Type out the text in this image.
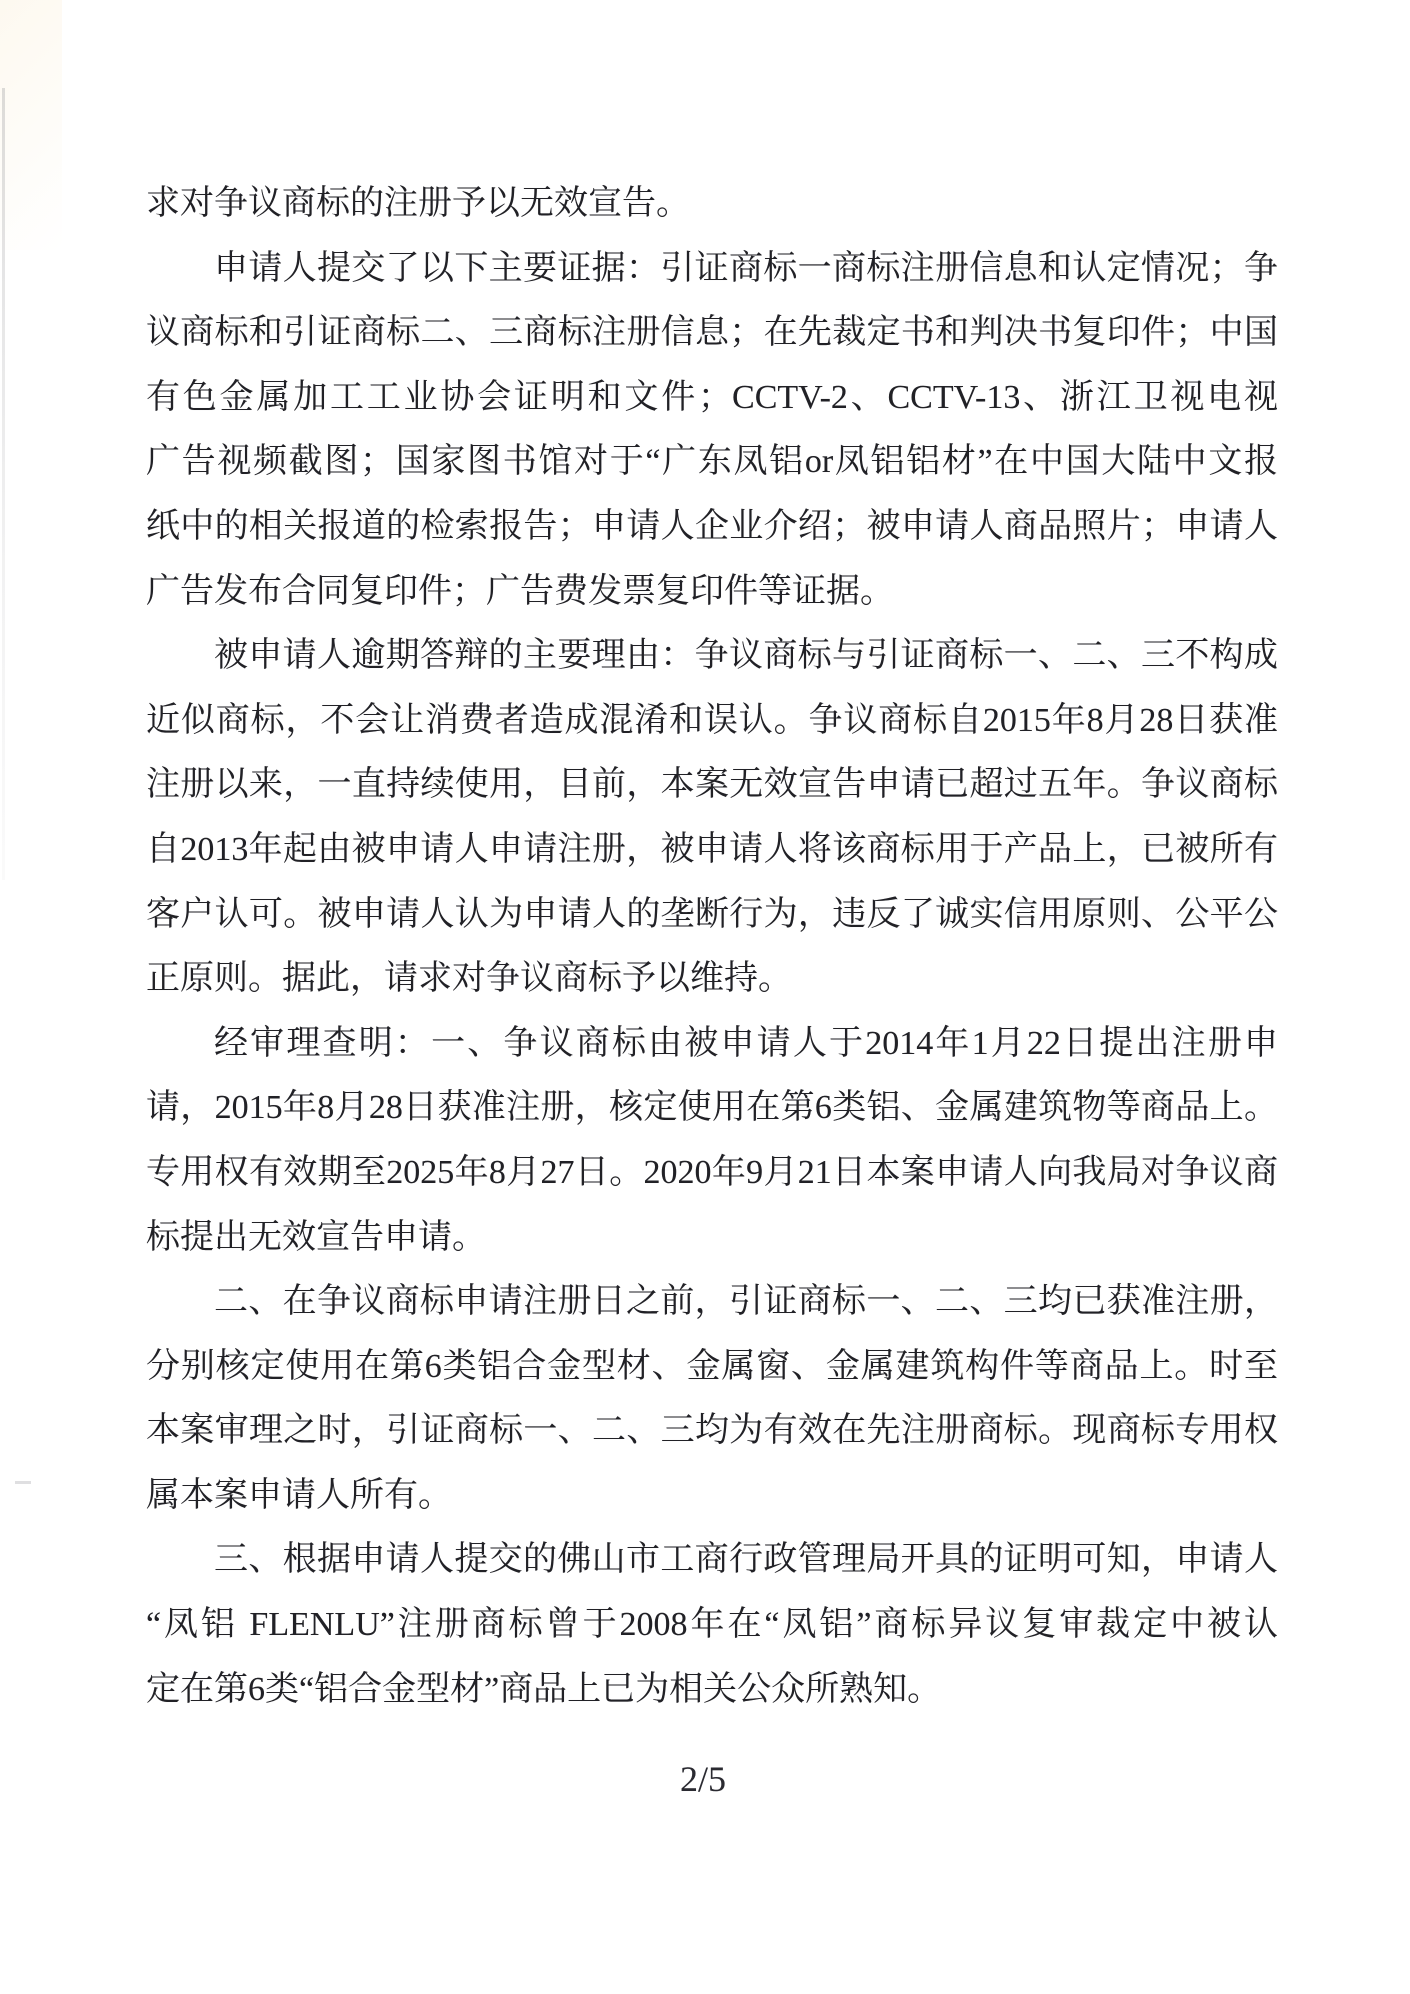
求对争议商标的注册予以无效宣告。
申请人提交了以下主要证据：引证商标一商标注册信息和认定情况；争
议商标和引证商标二、三商标注册信息；在先裁定书和判决书复印件；中国
有色金属加工工业协会证明和文件；CCTV-2、CCTV-13、浙江卫视电视
广告视频截图；国家图书馆对于“广东凤铝or凤铝铝材”在中国大陆中文报
纸中的相关报道的检索报告；申请人企业介绍；被申请人商品照片；申请人
广告发布合同复印件；广告费发票复印件等证据。
被申请人逾期答辩的主要理由：争议商标与引证商标一、二、三不构成
近似商标，不会让消费者造成混淆和误认。争议商标自2015年8月28日获准
注册以来，一直持续使用，目前，本案无效宣告申请已超过五年。争议商标
自2013年起由被申请人申请注册，被申请人将该商标用于产品上，已被所有
客户认可。被申请人认为申请人的垄断行为，违反了诚实信用原则、公平公
正原则。据此，请求对争议商标予以维持。
经审理查明：一、争议商标由被申请人于2014年1月22日提出注册申
请，2015年8月28日获准注册，核定使用在第6类铝、金属建筑物等商品上。
专用权有效期至2025年8月27日。2020年9月21日本案申请人向我局对争议商
标提出无效宣告申请。
二、在争议商标申请注册日之前，引证商标一、二、三均已获准注册，
分别核定使用在第6类铝合金型材、金属窗、金属建筑构件等商品上。时至
本案审理之时，引证商标一、二、三均为有效在先注册商标。现商标专用权
属本案申请人所有。
三、根据申请人提交的佛山市工商行政管理局开具的证明可知，申请人
“凤铝 FLENLU”注册商标曾于2008年在“凤铝”商标异议复审裁定中被认
定在第6类“铝合金型材”商品上已为相关公众所熟知。
2/5
